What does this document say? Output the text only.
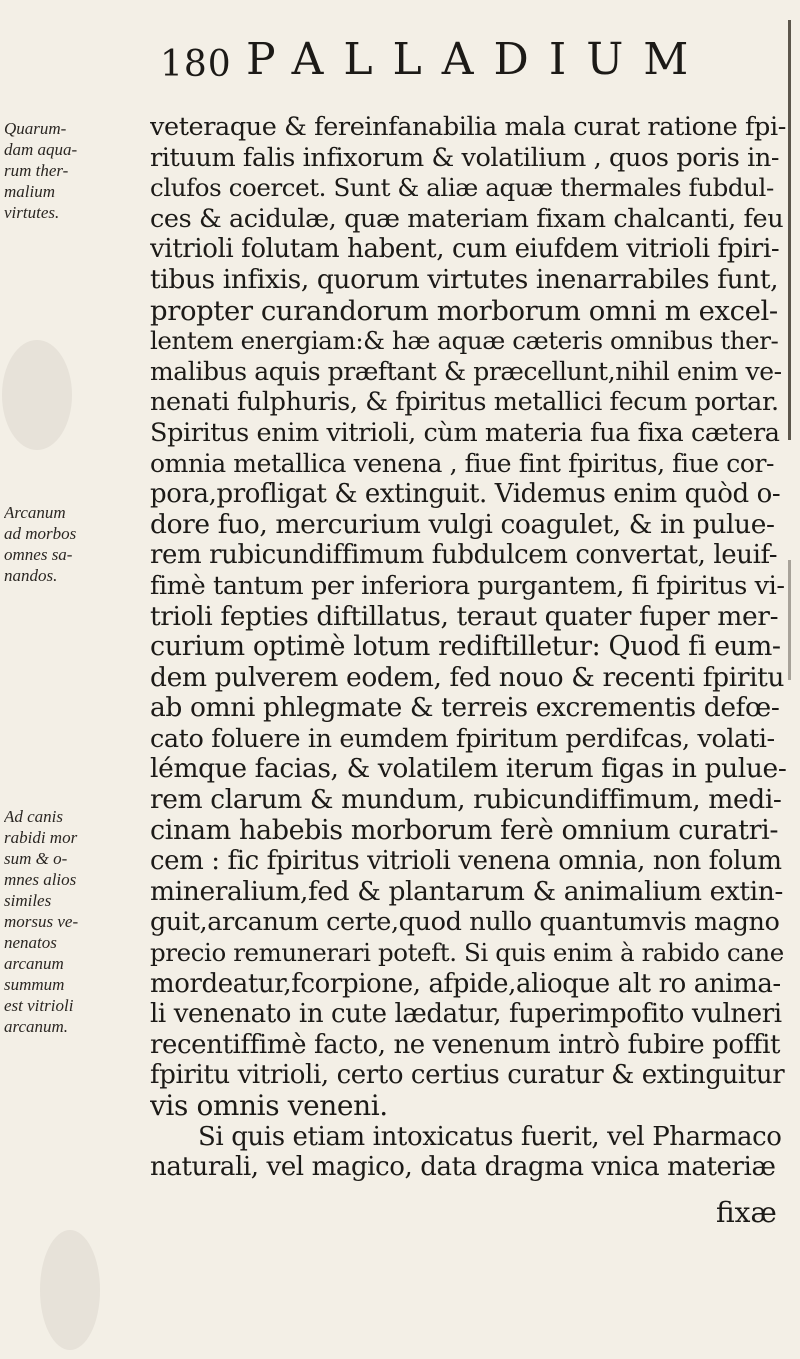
180 PALLADIUM
Quarum-
dam aqua-
rum ther-
malium
virtutes.
Arcanum
ad morbos
omnes sa-
nandos.
Ad canis
rabidi mor
sum & o-
mnes alios
similes
morsus ve-
nenatos
arcanum
summum
est vitrioli
arcanum.
veteraque & fereinfanabilia mala curat ratione fpi-
rituum falis infixorum & volatilium , quos poris in-
clufos coercet. Sunt & aliæ aquæ thermales fubdul-
ces & acidulæ, quæ materiam fixam chalcanti, feu
vitrioli folutam habent, cum eiufdem vitrioli fpiri-
tibus infixis, quorum virtutes inenarrabiles funt,
propter curandorum morborum omni m excel-
lentem energiam:& hæ aquæ cæteris omnibus ther-
malibus aquis præftant & præcellunt,nihil enim ve-
nenati fulphuris, & fpiritus metallici fecum portar.
Spiritus enim vitrioli, cùm materia fua fixa cætera
omnia metallica venena , fiue fint fpiritus, fiue cor-
pora,profligat & extinguit. Videmus enim quòd o-
dore fuo, mercurium vulgi coagulet, & in pulue-
rem rubicundiffimum fubdulcem convertat, leuif-
fimè tantum per inferiora purgantem, fi fpiritus vi-
trioli fepties diftillatus, teraut quater fuper mer-
curium optimè lotum redіftilletur: Quod fi eum-
dem pulverem eodem, fed nouo & recenti fpiritu
ab omni phlegmate & terreis excrementis defœ-
cato foluere in eumdem fpiritum perdifcas, volati-
lémque facias, & volatilem iterum figas in pulue-
rem clarum & mundum, rubicundiffimum, medi-
cinam habebis morborum ferè omnium curatri-
cem : fic fpiritus vitrioli venena omnia, non folum
mineralium,fed & plantarum & animalium extin-
guit,arcanum certe,quod nullo quantumvis magno
precio remunerari poteft. Si quis enim à rabido cane
mordeatur,fcorpione, afpide,alioque alt ro anima-
li venenato in cute lædatur, fuperimpofito vulneri
recentiffimè facto, ne venenum intrò fubire poffit
fpiritu vitrioli, certo certius curatur & extinguitur
vis omnis veneni.
Si quis etiam intoxicatus fuerit, vel Pharmaco
naturali, vel magico, data dragma vnica materiæ
fixæ
